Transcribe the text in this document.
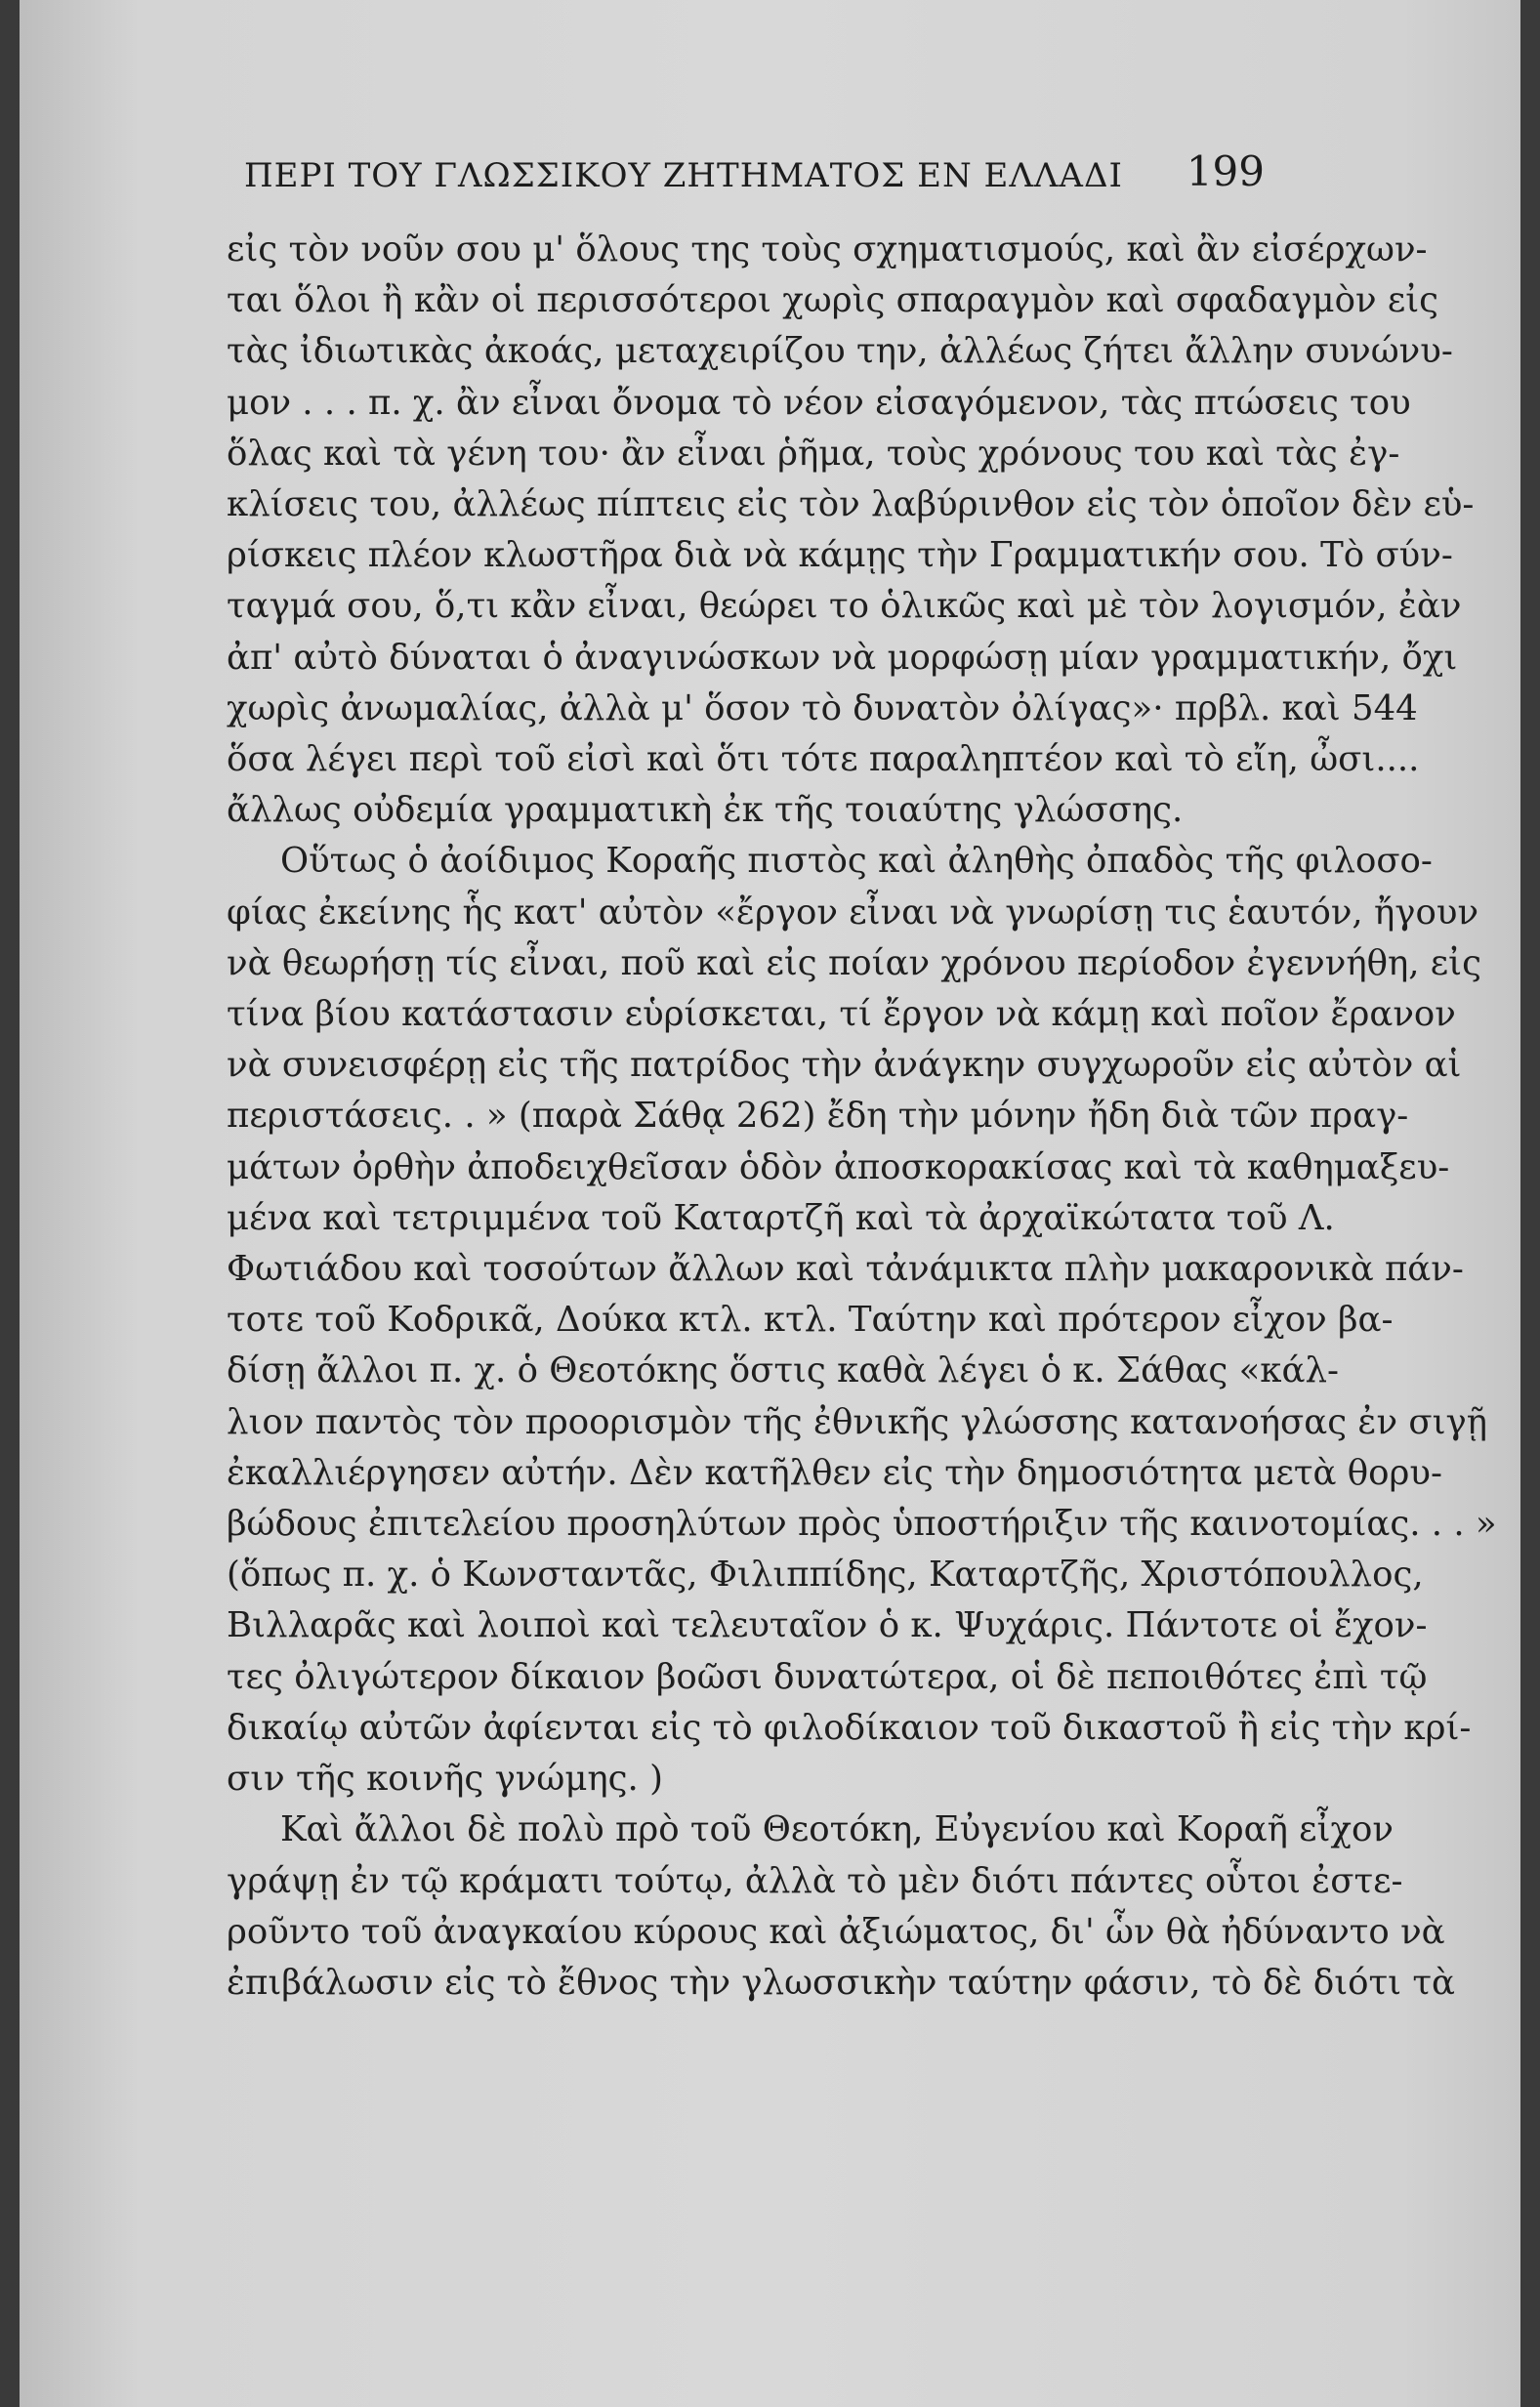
ΠΕΡΙ ΤΟΥ ΓΛΩΣΣΙΚΟΥ ΖΗΤΗΜΑΤΟΣ ΕΝ ΕΛΛΑΔΙ 199
εἰς τὸν νοῦν σου μ' ὅλους της τοὺς σχηματισμούς, καὶ ἂν εἰσέρχων-
ται ὅλοι ἢ κἂν οἱ περισσότεροι χωρὶς σπαραγμὸν καὶ σφαδαγμὸν εἰς
τὰς ἰδιωτικὰς ἀκοάς, μεταχειρίζου την, ἀλλέως ζήτει ἄλλην συνώνυ-
μον . . . π. χ. ἂν εἶναι ὄνομα τὸ νέον εἰσαγόμενον, τὰς πτώσεις του
ὅλας καὶ τὰ γένη του· ἂν εἶναι ῥῆμα, τοὺς χρόνους του καὶ τὰς ἐγ-
κλίσεις του, ἀλλέως πίπτεις εἰς τὸν λαβύρινθον εἰς τὸν ὁποῖον δὲν εὑ-
ρίσκεις πλέον κλωστῆρα διὰ νὰ κάμῃς τὴν Γραμματικήν σου. Τὸ σύν-
ταγμά σου, ὅ,τι κἂν εἶναι, θεώρει το ὁλικῶς καὶ μὲ τὸν λογισμόν, ἐὰν
ἀπ' αὐτὸ δύναται ὁ ἀναγινώσκων νὰ μορφώσῃ μίαν γραμματικήν, ὄχι
χωρὶς ἀνωμαλίας, ἀλλὰ μ' ὅσον τὸ δυνατὸν ὀλίγας»· πρβλ. καὶ 544
ὅσα λέγει περὶ τοῦ εἰσὶ καὶ ὅτι τότε παραληπτέον καὶ τὸ εἴη, ὦσι....
ἄλλως οὐδεμία γραμματικὴ ἐκ τῆς τοιαύτης γλώσσης.
Οὕτως ὁ ἀοίδιμος Κοραῆς πιστὸς καὶ ἀληθὴς ὀπαδὸς τῆς φιλοσο-
φίας ἐκείνης ἧς κατ' αὐτὸν «ἔργον εἶναι νὰ γνωρίσῃ τις ἑαυτόν, ἤγουν
νὰ θεωρήσῃ τίς εἶναι, ποῦ καὶ εἰς ποίαν χρόνου περίοδον ἐγεννήθη, εἰς
τίνα βίου κατάστασιν εὑρίσκεται, τί ἔργον νὰ κάμῃ καὶ ποῖον ἔρανον
νὰ συνεισφέρῃ εἰς τῆς πατρίδος τὴν ἀνάγκην συγχωροῦν εἰς αὐτὸν αἱ
περιστάσεις. . » (παρὰ Σάθᾳ 262) ἔδη τὴν μόνην ἤδη διὰ τῶν πραγ-
μάτων ὀρθὴν ἀποδειχθεῖσαν ὁδὸν ἀποσκορακίσας καὶ τὰ καθημαξευ-
μένα καὶ τετριμμένα τοῦ Καταρτζῆ καὶ τὰ ἀρχαϊκώτατα τοῦ Λ.
Φωτιάδου καὶ τοσούτων ἄλλων καὶ τἀνάμικτα πλὴν μακαρονικὰ πάν-
τοτε τοῦ Κοδρικᾶ, Δούκα κτλ. κτλ. Ταύτην καὶ πρότερον εἶχον βα-
δίσῃ ἄλλοι π. χ. ὁ Θεοτόκης ὅστις καθὰ λέγει ὁ κ. Σάθας «κάλ-
λιον παντὸς τὸν προορισμὸν τῆς ἐθνικῆς γλώσσης κατανοήσας ἐν σιγῇ
ἐκαλλιέργησεν αὐτήν. Δὲν κατῆλθεν εἰς τὴν δημοσιότητα μετὰ θορυ-
βώδους ἐπιτελείου προσηλύτων πρὸς ὑποστήριξιν τῆς καινοτομίας. . . »
(ὅπως π. χ. ὁ Κωνσταντᾶς, Φιλιππίδης, Καταρτζῆς, Χριστόπουλλος,
Βιλλαρᾶς καὶ λοιποὶ καὶ τελευταῖον ὁ κ. Ψυχάρις. Πάντοτε οἱ ἔχον-
τες ὀλιγώτερον δίκαιον βοῶσι δυνατώτερα, οἱ δὲ πεποιθότες ἐπὶ τῷ
δικαίῳ αὐτῶν ἀφίενται εἰς τὸ φιλοδίκαιον τοῦ δικαστοῦ ἢ εἰς τὴν κρί-
σιν τῆς κοινῆς γνώμης. )
Καὶ ἄλλοι δὲ πολὺ πρὸ τοῦ Θεοτόκη, Εὐγενίου καὶ Κοραῆ εἶχον
γράψῃ ἐν τῷ κράματι τούτῳ, ἀλλὰ τὸ μὲν διότι πάντες οὗτοι ἐστε-
ροῦντο τοῦ ἀναγκαίου κύρους καὶ ἀξιώματος, δι' ὧν θὰ ἠδύναντο νὰ
ἐπιβάλωσιν εἰς τὸ ἔθνος τὴν γλωσσικὴν ταύτην φάσιν, τὸ δὲ διότι τὰ
